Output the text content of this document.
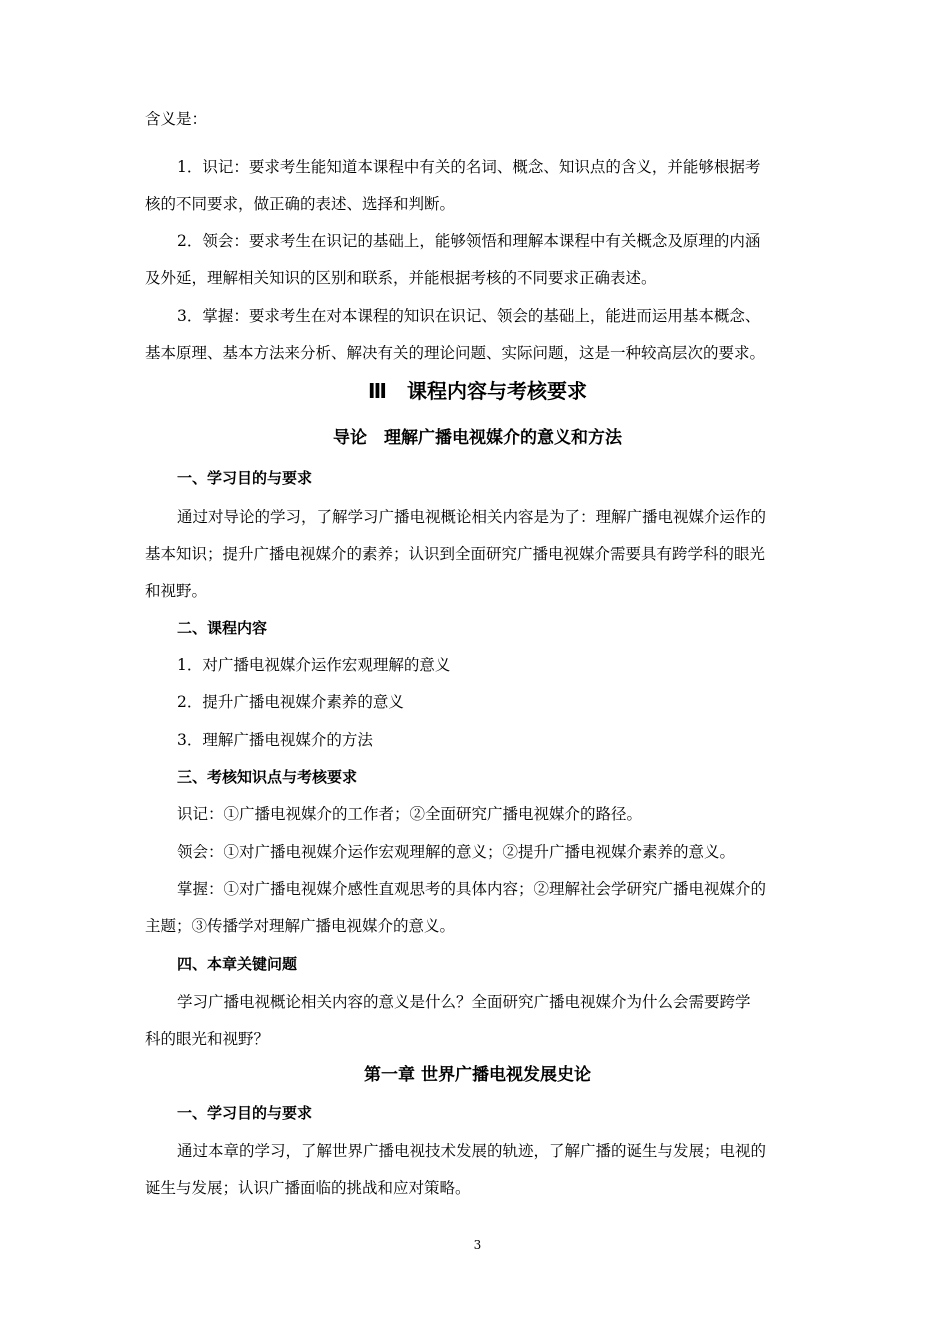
含义是：
1．识记：要求考生能知道本课程中有关的名词、概念、知识点的含义，并能够根据考
核的不同要求，做正确的表述、选择和判断。
2．领会：要求考生在识记的基础上，能够领悟和理解本课程中有关概念及原理的内涵
及外延，理解相关知识的区别和联系，并能根据考核的不同要求正确表述。
3．掌握：要求考生在对本课程的知识在识记、领会的基础上，能进而运用基本概念、
基本原理、基本方法来分析、解决有关的理论问题、实际问题，这是一种较高层次的要求。
Ⅲ　课程内容与考核要求
导论　理解广播电视媒介的意义和方法
一、学习目的与要求
通过对导论的学习，了解学习广播电视概论相关内容是为了：理解广播电视媒介运作的
基本知识；提升广播电视媒介的素养；认识到全面研究广播电视媒介需要具有跨学科的眼光
和视野。
二、课程内容
1．对广播电视媒介运作宏观理解的意义
2．提升广播电视媒介素养的意义
3．理解广播电视媒介的方法
三、考核知识点与考核要求
识记：①广播电视媒介的工作者；②全面研究广播电视媒介的路径。
领会：①对广播电视媒介运作宏观理解的意义；②提升广播电视媒介素养的意义。
掌握：①对广播电视媒介感性直观思考的具体内容；②理解社会学研究广播电视媒介的
主题；③传播学对理解广播电视媒介的意义。
四、本章关键问题
学习广播电视概论相关内容的意义是什么？全面研究广播电视媒介为什么会需要跨学
科的眼光和视野？
第一章 世界广播电视发展史论
一、学习目的与要求
通过本章的学习，了解世界广播电视技术发展的轨迹，了解广播的诞生与发展；电视的
诞生与发展；认识广播面临的挑战和应对策略。
3
